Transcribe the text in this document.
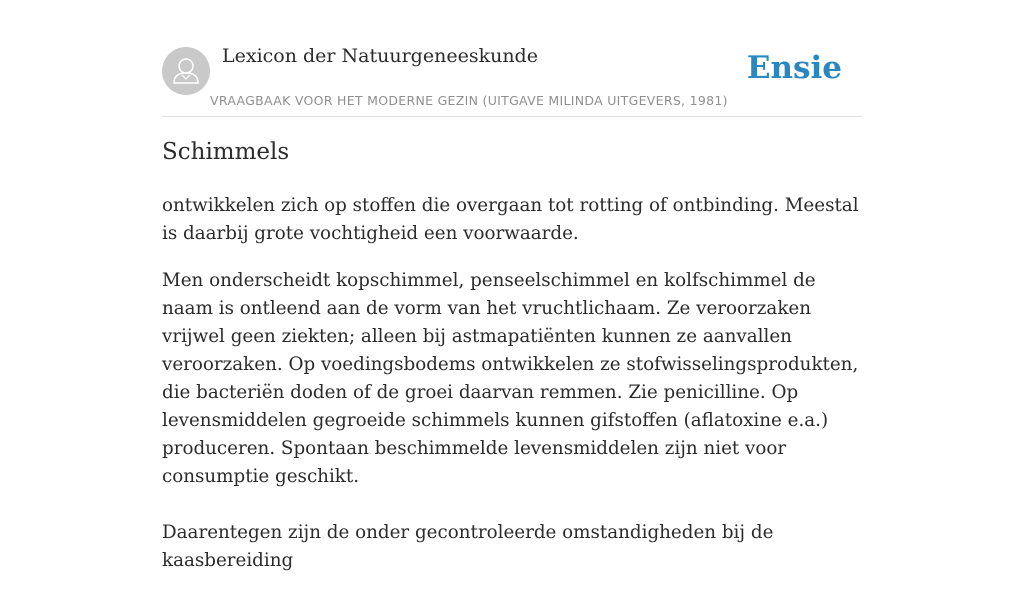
Lexicon der Natuurgeneeskunde
VRAAGBAAK VOOR HET MODERNE GEZIN (UITGAVE MILINDA UITGEVERS, 1981)
Ensie
Schimmels

ontwikkelen zich op stoffen die overgaan tot rotting of ontbinding. Meestal is daarbij grote vochtigheid een voorwaarde.

Men onderscheidt kopschimmel, penseelschimmel en kolfschimmel de naam is ontleend aan de vorm van het vruchtlichaam. Ze veroorzaken vrijwel geen ziekten; alleen bij astmapatiënten kunnen ze aanvallen veroorzaken. Op voedingsbodems ontwikkelen ze stofwisselingsprodukten, die bacteriën doden of de groei daarvan remmen. Zie penicilline. Op levensmiddelen gegroeide schimmels kunnen gifstoffen (aflatoxine e.a.) produceren. Spontaan beschimmelde levensmiddelen zijn niet voor consumptie geschikt.

Daarentegen zijn de onder gecontroleerde omstandigheden bij de kaasbereiding
